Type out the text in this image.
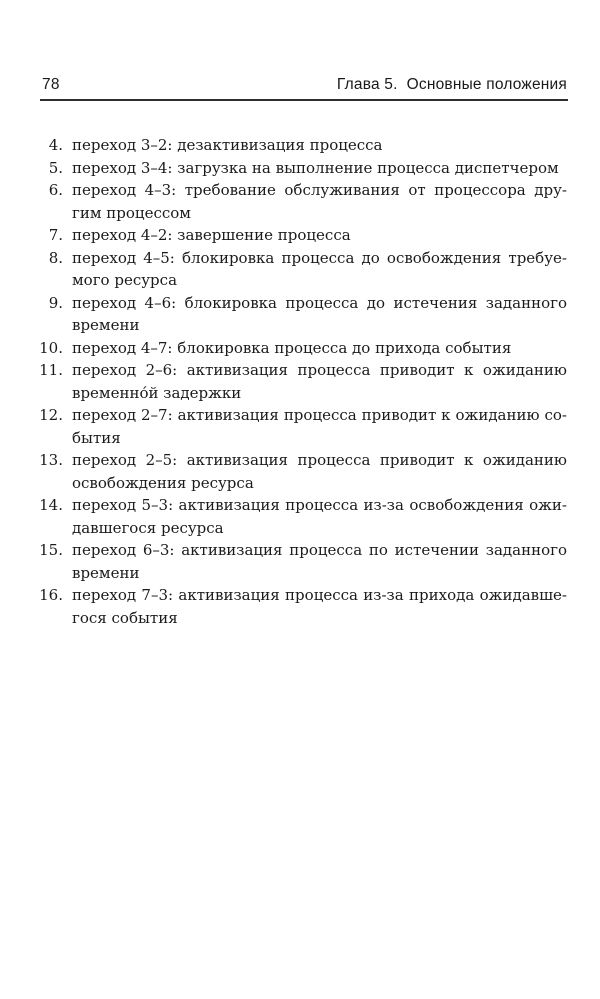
78	Глава 5. Основные положения
4. переход 3–2: дезактивизация процесса
5. переход 3–4: загрузка на выполнение процесса диспетчером
6. переход 4–3: требование обслуживания от процессора дру-
гим процессом
7. переход 4–2: завершение процесса
8. переход 4–5: блокировка процесса до освобождения требуе-
мого ресурса
9. переход 4–6: блокировка процесса до истечения заданного
времени
10. переход 4–7: блокировка процесса до прихода события
11. переход 2–6: активизация процесса приводит к ожиданию
временно́й задержки
12. переход 2–7: активизация процесса приводит к ожиданию со-
бытия
13. переход 2–5: активизация процесса приводит к ожиданию
освобождения ресурса
14. переход 5–3: активизация процесса из-за освобождения ожи-
давшегося ресурса
15. переход 6–3: активизация процесса по истечении заданного
времени
16. переход 7–3: активизация процесса из-за прихода ожидавше-
гося события
